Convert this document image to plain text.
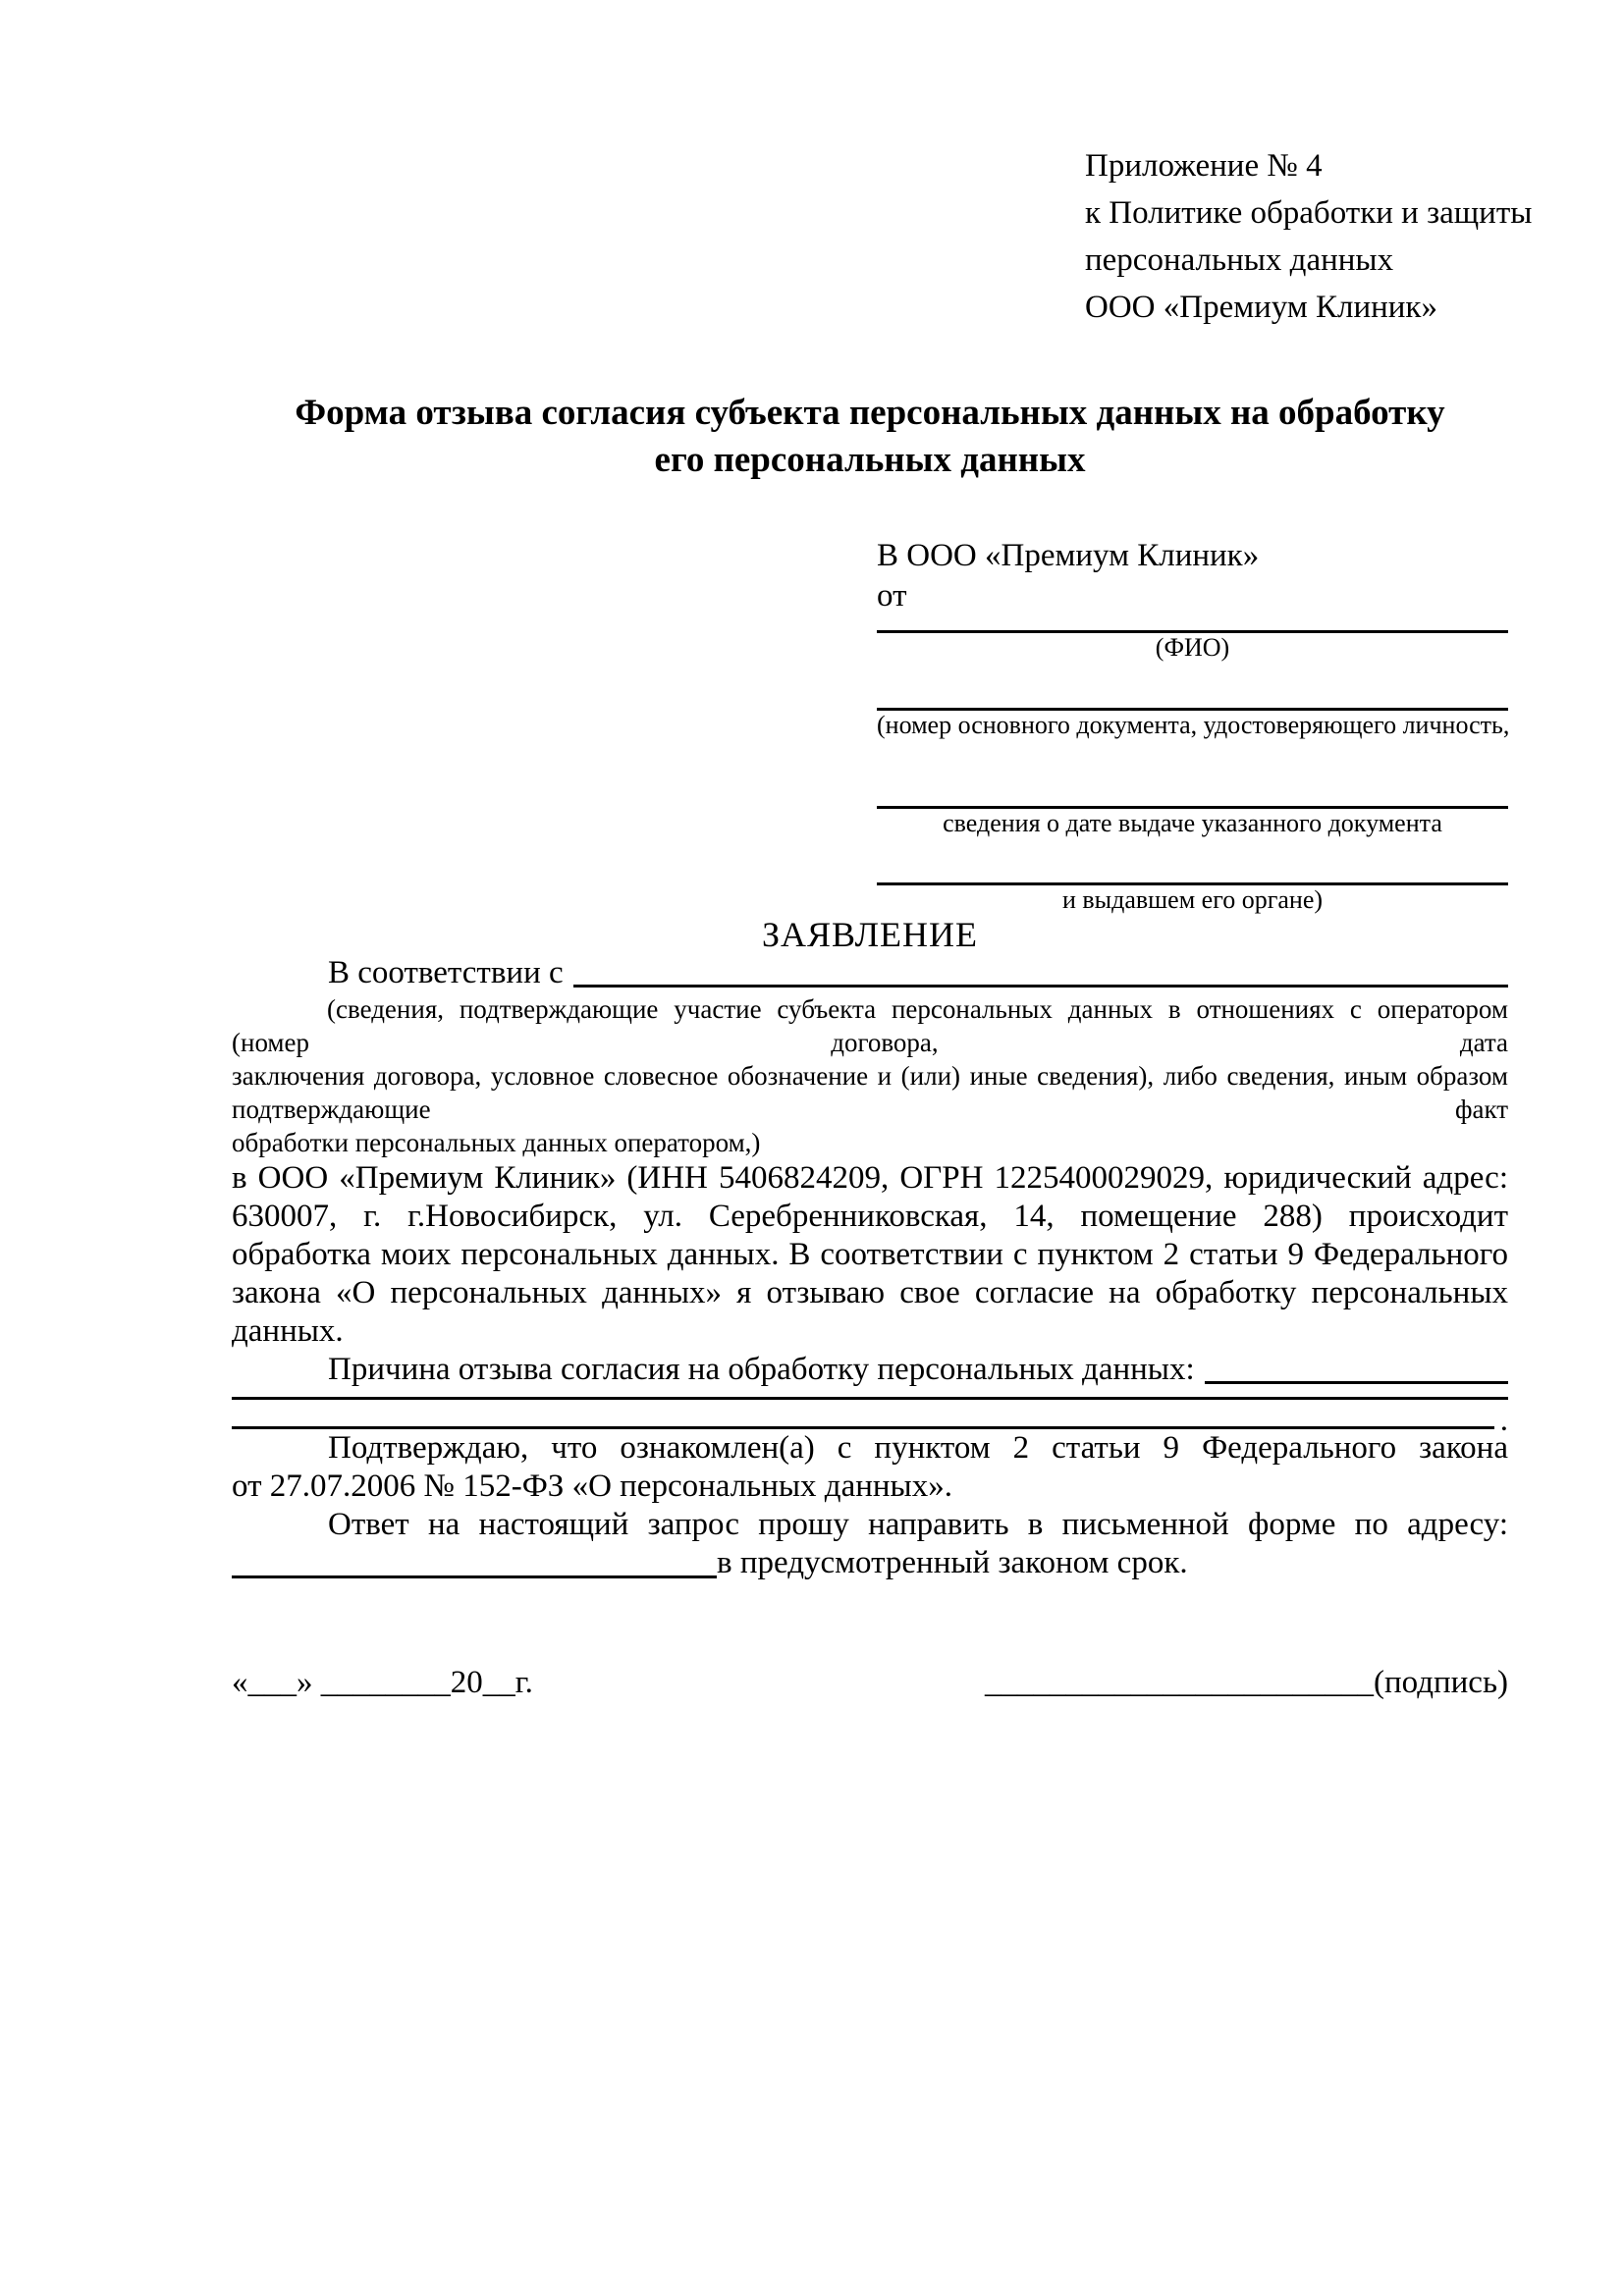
Приложение № 4
к Политике обработки и защиты
персональных данных
ООО «Премиум Клиник»
Форма отзыва согласия субъекта персональных данных на обработку
его персональных данных
В ООО «Премиум Клиник»
от
(ФИО)
(номер основного документа, удостоверяющего личность,
сведения о дате выдаче указанного документа
и выдавшем его органе)
ЗАЯВЛЕНИЕ
В соответствии с
(сведения, подтверждающие участие субъекта персональных данных в отношениях с оператором (номер договора, дата
заключения договора, условное словесное обозначение и (или) иные сведения), либо сведения, иным образом подтверждающие факт
обработки персональных данных оператором,)
в ООО «Премиум Клиник» (ИНН 5406824209, ОГРН 1225400029029, юридический адрес:
630007, г. г.Новосибирск, ул. Серебренниковская, 14, помещение 288) происходит
обработка моих персональных данных. В соответствии с пунктом 2 статьи 9 Федерального
закона «О персональных данных» я отзываю свое согласие на обработку персональных
данных.
Причина отзыва согласия на обработку персональных данных:
.
Подтверждаю, что ознакомлен(а) с пунктом 2 статьи 9 Федерального закона
от 27.07.2006 № 152-ФЗ «О персональных данных».
Ответ на настоящий запрос прошу направить в письменной форме по адресу:
в предусмотренный законом срок.
«___» ________20__г.	________________________(подпись)
